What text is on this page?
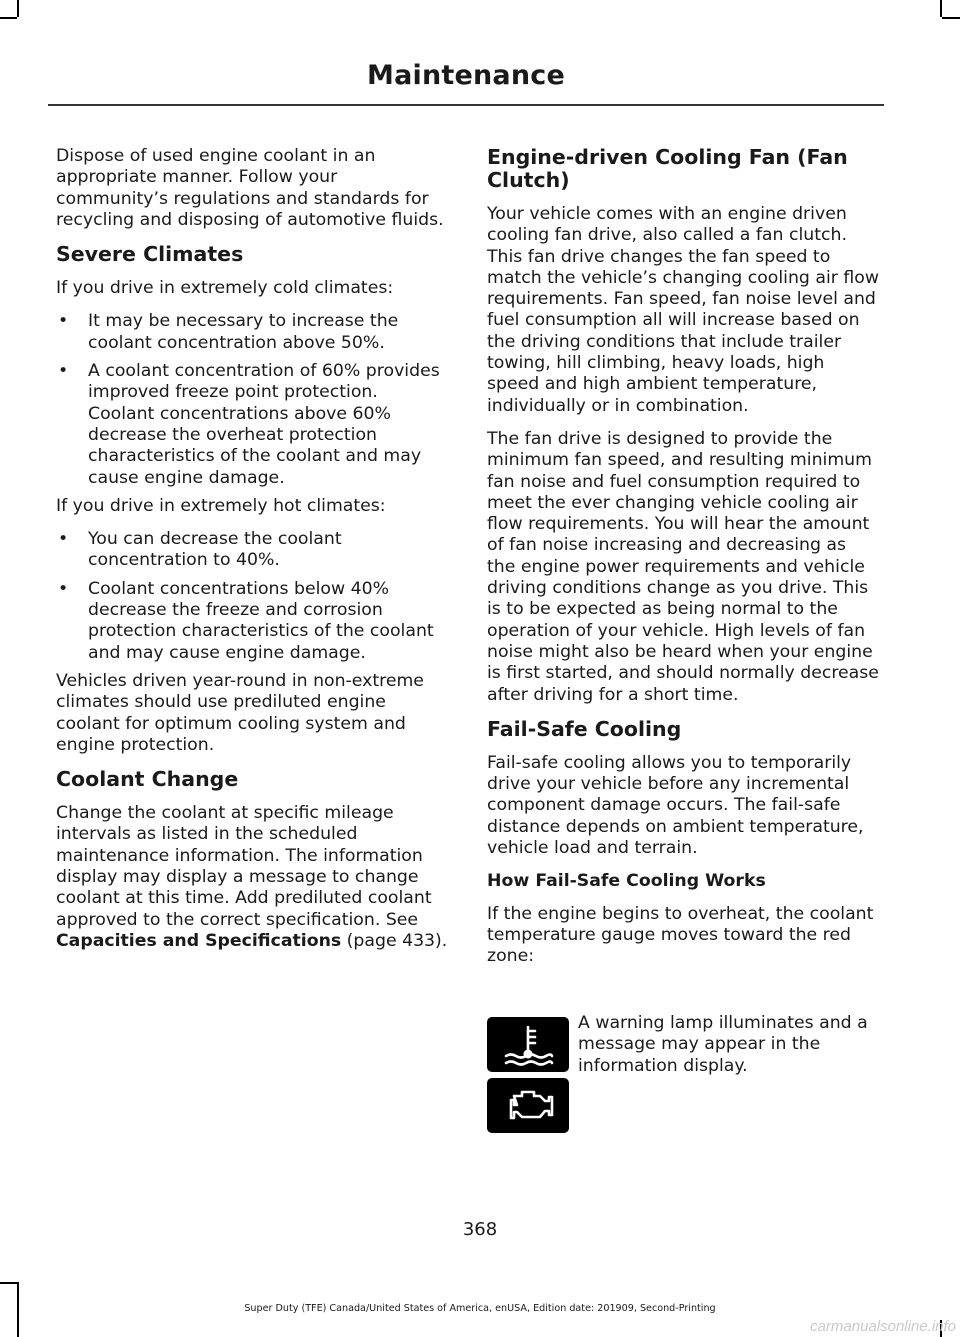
Maintenance

Dispose of used engine coolant in an appropriate manner. Follow your community’s regulations and standards for recycling and disposing of automotive fluids.

Severe Climates

If you drive in extremely cold climates:

• It may be necessary to increase the coolant concentration above 50%.
• A coolant concentration of 60% provides improved freeze point protection. Coolant concentrations above 60% decrease the overheat protection characteristics of the coolant and may cause engine damage.

If you drive in extremely hot climates:

• You can decrease the coolant concentration to 40%.
• Coolant concentrations below 40% decrease the freeze and corrosion protection characteristics of the coolant and may cause engine damage.

Vehicles driven year-round in non-extreme climates should use prediluted engine coolant for optimum cooling system and engine protection.

Coolant Change

Change the coolant at specific mileage intervals as listed in the scheduled maintenance information. The information display may display a message to change coolant at this time. Add prediluted coolant approved to the correct specification. See Capacities and Specifications (page 433).

Engine-driven Cooling Fan (Fan Clutch)

Your vehicle comes with an engine driven cooling fan drive, also called a fan clutch. This fan drive changes the fan speed to match the vehicle’s changing cooling air flow requirements. Fan speed, fan noise level and fuel consumption all will increase based on the driving conditions that include trailer towing, hill climbing, heavy loads, high speed and high ambient temperature, individually or in combination.

The fan drive is designed to provide the minimum fan speed, and resulting minimum fan noise and fuel consumption required to meet the ever changing vehicle cooling air flow requirements. You will hear the amount of fan noise increasing and decreasing as the engine power requirements and vehicle driving conditions change as you drive. This is to be expected as being normal to the operation of your vehicle. High levels of fan noise might also be heard when your engine is first started, and should normally decrease after driving for a short time.

Fail-Safe Cooling

Fail-safe cooling allows you to temporarily drive your vehicle before any incremental component damage occurs. The fail-safe distance depends on ambient temperature, vehicle load and terrain.

How Fail-Safe Cooling Works

If the engine begins to overheat, the coolant temperature gauge moves toward the red zone:

A warning lamp illuminates and a message may appear in the information display.

368
Super Duty (TFE) Canada/United States of America, enUSA, Edition date: 201909, Second-Printing
carmanualsonline.info
